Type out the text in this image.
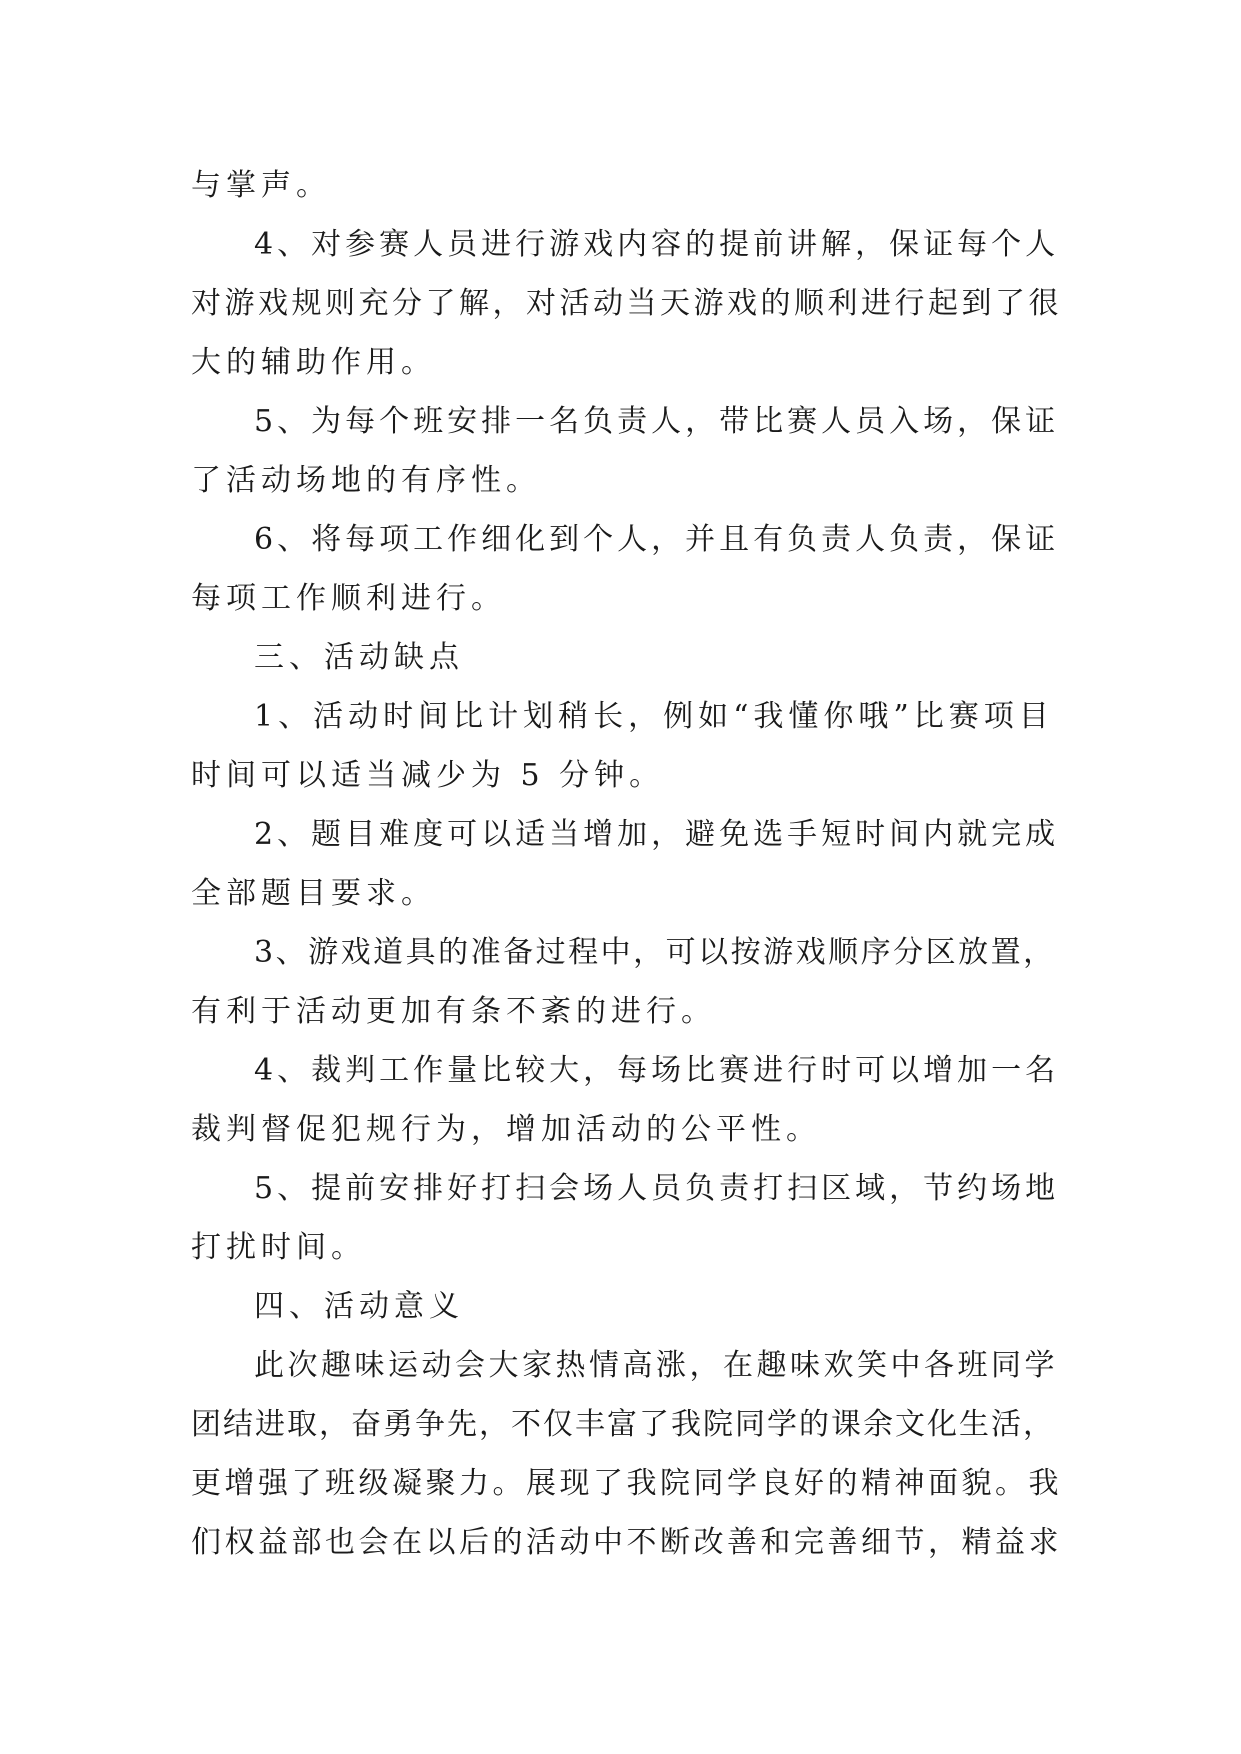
与掌声。
4、对参赛人员进行游戏内容的提前讲解，保证每个人
对游戏规则充分了解，对活动当天游戏的顺利进行起到了很
大的辅助作用。
5、为每个班安排一名负责人，带比赛人员入场，保证
了活动场地的有序性。
6、将每项工作细化到个人，并且有负责人负责，保证
每项工作顺利进行。
三、活动缺点
1、活动时间比计划稍长，例如“我懂你哦”比赛项目
时间可以适当减少为 5 分钟。
2、题目难度可以适当增加，避免选手短时间内就完成
全部题目要求。
3、游戏道具的准备过程中，可以按游戏顺序分区放置，
有利于活动更加有条不紊的进行。
4、裁判工作量比较大，每场比赛进行时可以增加一名
裁判督促犯规行为，增加活动的公平性。
5、提前安排好打扫会场人员负责打扫区域，节约场地
打扰时间。
四、活动意义
此次趣味运动会大家热情高涨，在趣味欢笑中各班同学
团结进取，奋勇争先，不仅丰富了我院同学的课余文化生活，
更增强了班级凝聚力。展现了我院同学良好的精神面貌。我
们权益部也会在以后的活动中不断改善和完善细节，精益求
